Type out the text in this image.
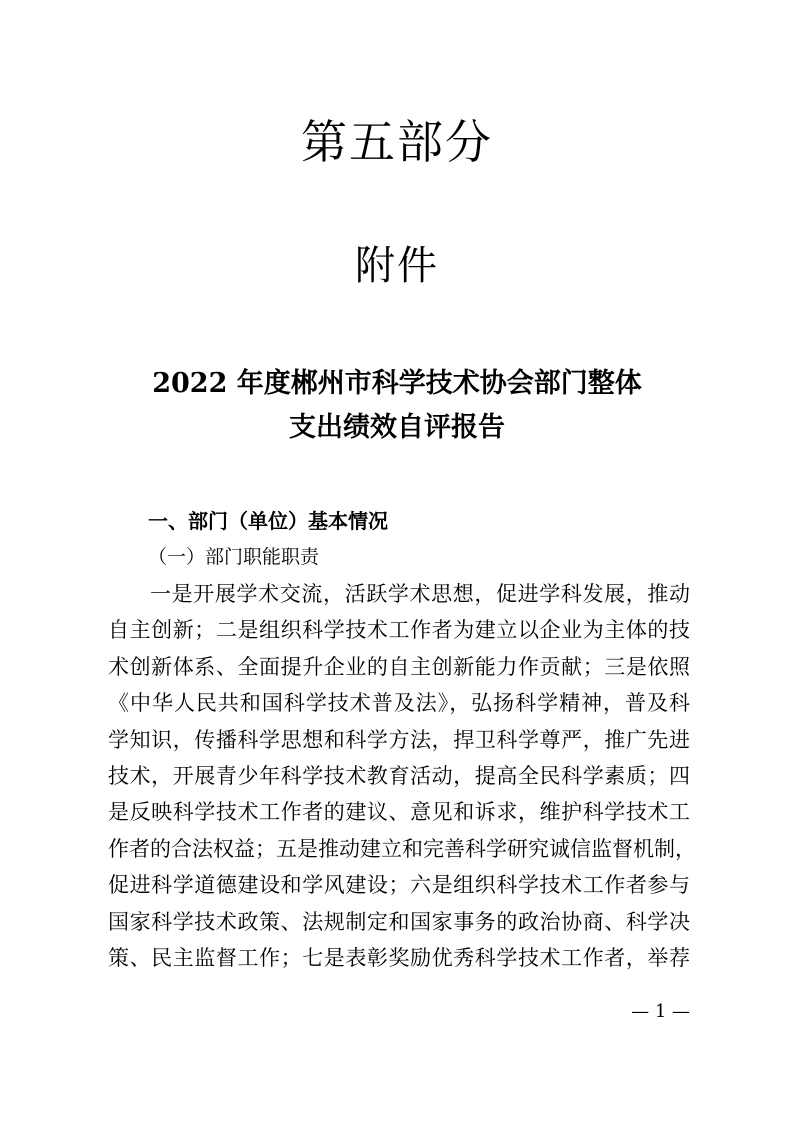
第五部分
附件
2022 年度郴州市科学技术协会部门整体
支出绩效自评报告
一、部门（单位）基本情况
（一）部门职能职责
一是开展学术交流，活跃学术思想，促进学科发展，推动
自主创新；二是组织科学技术工作者为建立以企业为主体的技
术创新体系、全面提升企业的自主创新能力作贡献；三是依照
《中华人民共和国科学技术普及法》，弘扬科学精神，普及科
学知识，传播科学思想和科学方法，捍卫科学尊严，推广先进
技术，开展青少年科学技术教育活动，提高全民科学素质；四
是反映科学技术工作者的建议、意见和诉求，维护科学技术工
作者的合法权益；五是推动建立和完善科学研究诚信监督机制，
促进科学道德建设和学风建设；六是组织科学技术工作者参与
国家科学技术政策、法规制定和国家事务的政治协商、科学决
策、民主监督工作；七是表彰奖励优秀科学技术工作者，举荐
— 1 —
